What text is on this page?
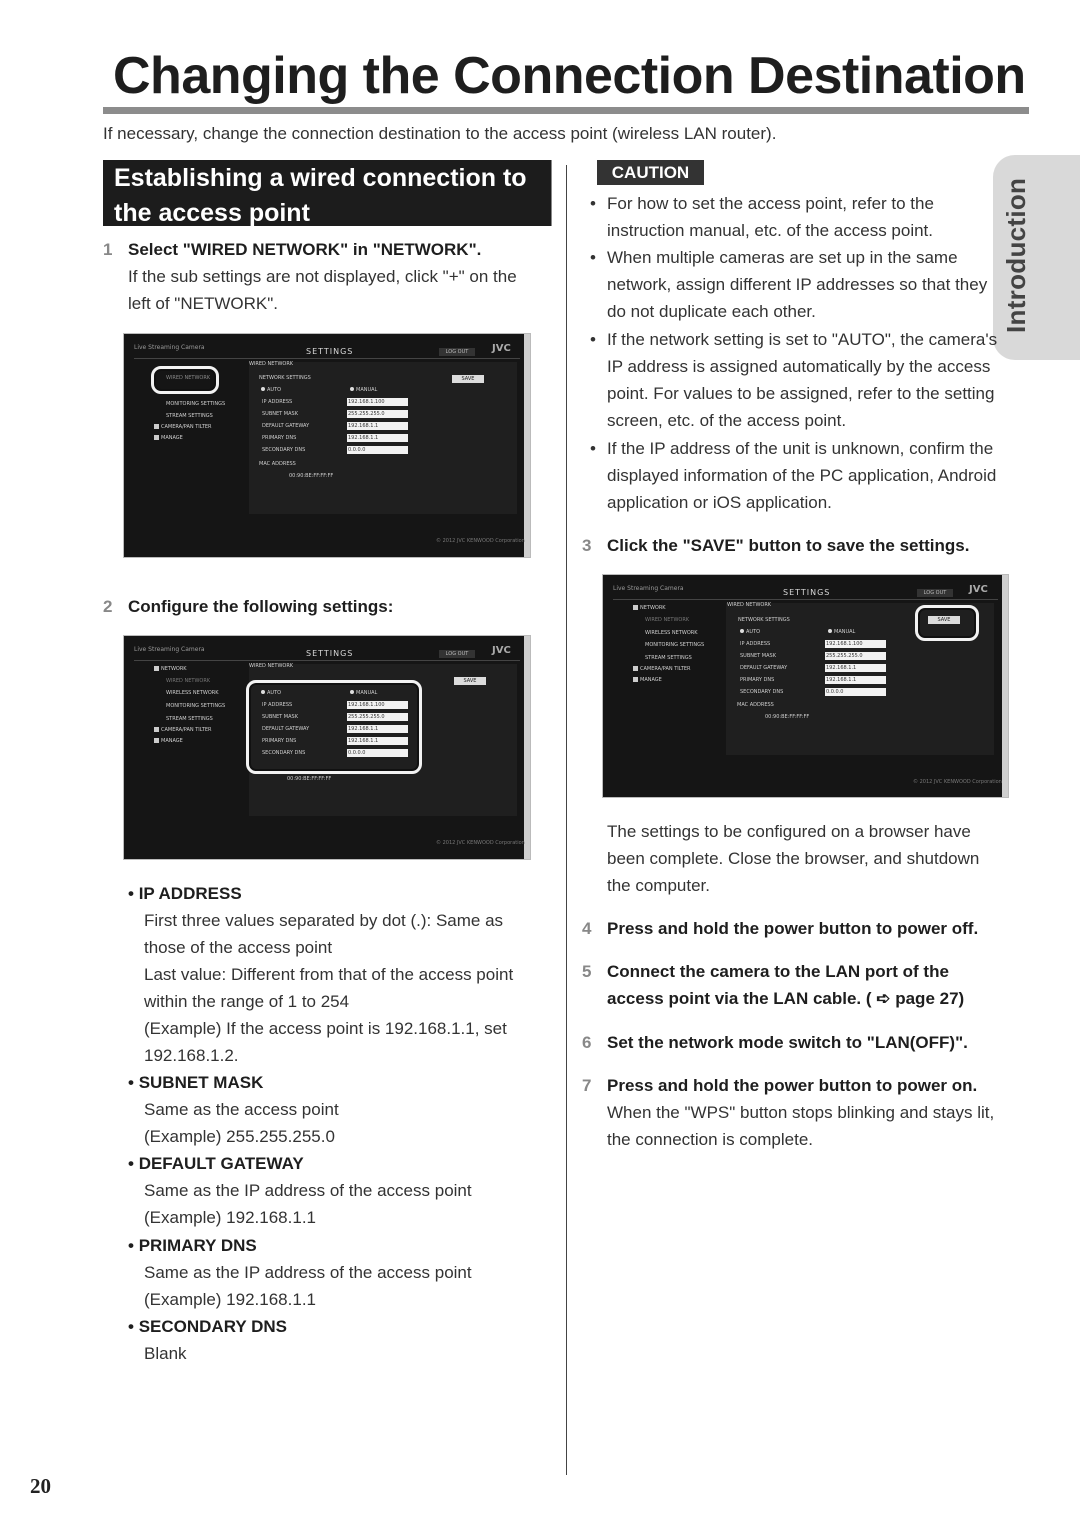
Changing the Connection Destination
If necessary, change the connection destination to the access point (wireless LAN router).
Introduction
Establishing a wired connection to
the access point
1 Select "WIRED NETWORK" in "NETWORK".
If the sub settings are not displayed, click "+" on the
left of "NETWORK".
Live Streaming Camera	SETTINGS	LOG OUT	JVC
WIRED NETWORK
MONITORING SETTINGS
STREAM SETTINGS
CAMERA/PAN TILTER
MANAGE
WIRED NETWORK
NETWORK SETTINGS	SAVE
AUTO	MANUAL
IP ADDRESS	192.168.1.100
SUBNET MASK	255.255.255.0
DEFAULT GATEWAY	192.168.1.1
PRIMARY DNS	192.168.1.1
SECONDARY DNS	0.0.0.0
MAC ADDRESS
00:90:BE:FF:FF:FF
© 2012 JVC KENWOOD Corporation
2 Configure the following settings:
Live Streaming Camera	SETTINGS	LOG OUT	JVC
NETWORK
WIRED NETWORK
WIRELESS NETWORK
MONITORING SETTINGS
STREAM SETTINGS
CAMERA/PAN TILTER
MANAGE
WIRED NETWORK
SAVE
AUTO	MANUAL
IP ADDRESS	192.168.1.100
SUBNET MASK	255.255.255.0
DEFAULT GATEWAY	192.168.1.1
PRIMARY DNS	192.168.1.1
SECONDARY DNS	0.0.0.0
00:90:BE:FF:FF:FF
© 2012 JVC KENWOOD Corporation
• IP ADDRESS
First three values separated by dot (.): Same as
those of the access point
Last value: Different from that of the access point
within the range of 1 to 254
(Example) If the access point is 192.168.1.1, set
192.168.1.2.
• SUBNET MASK
Same as the access point
(Example) 255.255.255.0
• DEFAULT GATEWAY
Same as the IP address of the access point
(Example) 192.168.1.1
• PRIMARY DNS
Same as the IP address of the access point
(Example) 192.168.1.1
• SECONDARY DNS
Blank
CAUTION
• For how to set the access point, refer to the
instruction manual, etc. of the access point.
• When multiple cameras are set up in the same
network, assign different IP addresses so that they
do not duplicate each other.
• If the network setting is set to "AUTO", the camera's
IP address is assigned automatically by the access
point. For values to be assigned, refer to the setting
screen, etc. of the access point.
• If the IP address of the unit is unknown, confirm the
displayed information of the PC application, Android
application or iOS application.
3 Click the "SAVE" button to save the settings.
Live Streaming Camera	SETTINGS	LOG OUT	JVC
NETWORK
WIRED NETWORK
WIRELESS NETWORK
MONITORING SETTINGS
STREAM SETTINGS
CAMERA/PAN TILTER
MANAGE
WIRED NETWORK
NETWORK SETTINGS	SAVE
AUTO	MANUAL
IP ADDRESS	192.168.1.100
SUBNET MASK	255.255.255.0
DEFAULT GATEWAY	192.168.1.1
PRIMARY DNS	192.168.1.1
SECONDARY DNS	0.0.0.0
MAC ADDRESS
00:90:BE:FF:FF:FF
© 2012 JVC KENWOOD Corporation
The settings to be configured on a browser have
been complete. Close the browser, and shutdown
the computer.
4 Press and hold the power button to power off.
5 Connect the camera to the LAN port of the
access point via the LAN cable. ( ➪ page 27)
6 Set the network mode switch to "LAN(OFF)".
7 Press and hold the power button to power on.
When the "WPS" button stops blinking and stays lit,
the connection is complete.
20
